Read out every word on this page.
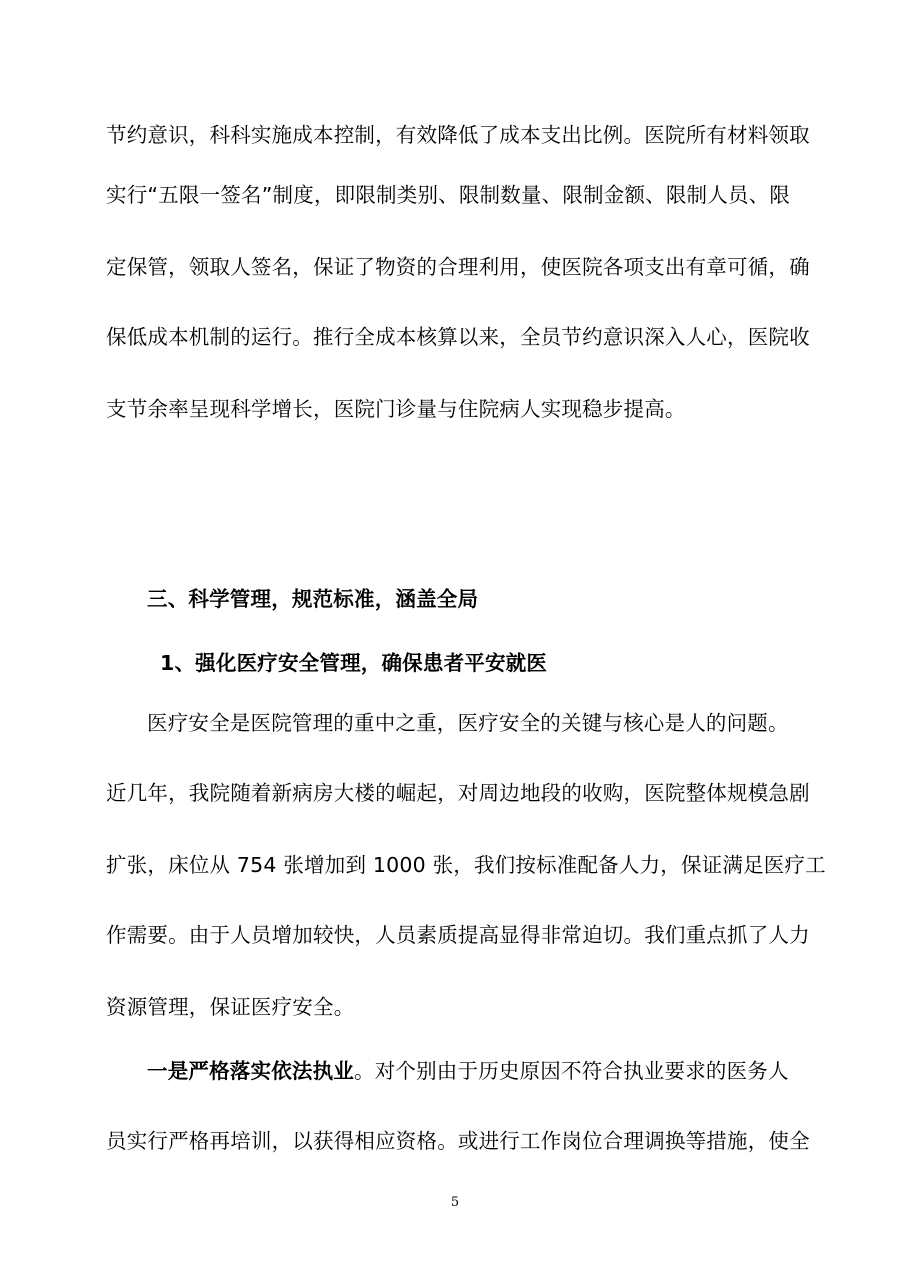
节约意识，科科实施成本控制，有效降低了成本支出比例。医院所有材料领取
实行“五限一签名”制度，即限制类别、限制数量、限制金额、限制人员、限
定保管，领取人签名，保证了物资的合理利用，使医院各项支出有章可循，确
保低成本机制的运行。推行全成本核算以来，全员节约意识深入人心，医院收
支节余率呈现科学增长，医院门诊量与住院病人实现稳步提高。
三、科学管理，规范标准，涵盖全局
1、强化医疗安全管理，确保患者平安就医
医疗安全是医院管理的重中之重，医疗安全的关键与核心是人的问题。
近几年，我院随着新病房大楼的崛起，对周边地段的收购，医院整体规模急剧
扩张，床位从 754 张增加到 1000 张，我们按标准配备人力，保证满足医疗工
作需要。由于人员增加较快，人员素质提高显得非常迫切。我们重点抓了人力
资源管理，保证医疗安全。
一是严格落实依法执业。对个别由于历史原因不符合执业要求的医务人
员实行严格再培训，以获得相应资格。或进行工作岗位合理调换等措施，使全
5
